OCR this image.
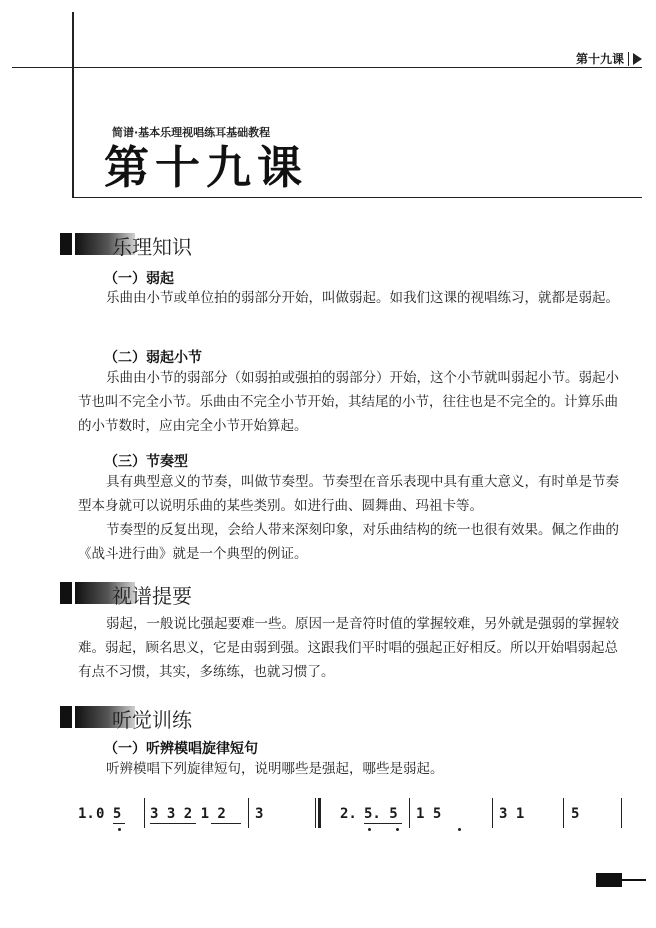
第十九课
简谱·基本乐理视唱练耳基础教程
第十九课
乐理知识
（一）弱起
乐曲由小节或单位拍的弱部分开始，叫做弱起。如我们这课的视唱练习，就都是弱起。
（二）弱起小节
乐曲由小节的弱部分（如弱拍或强拍的弱部分）开始，这个小节就叫弱起小节。弱起小节也叫不完全小节。乐曲由不完全小节开始，其结尾的小节，往往也是不完全的。计算乐曲的小节数时，应由完全小节开始算起。
（三）节奏型
具有典型意义的节奏，叫做节奏型。节奏型在音乐表现中具有重大意义，有时单是节奏型本身就可以说明乐曲的某些类别。如进行曲、圆舞曲、玛祖卡等。
节奏型的反复出现，会给人带来深刻印象，对乐曲结构的统一也很有效果。佩之作曲的《战斗进行曲》就是一个典型的例证。
视谱提要
弱起，一般说比强起要难一些。原因一是音符时值的掌握较难，另外就是强弱的掌握较难。弱起，顾名思义，它是由弱到强。这跟我们平时唱的强起正好相反。所以开始唱弱起总有点不习惯，其实，多练练，也就习惯了。
听觉训练
（一）听辨模唱旋律短句
听辨模唱下列旋律短句，说明哪些是强起，哪些是弱起。
1. 0 5 3 3 2 1 2 3	2. 5. 5 1 5	3 1	5
